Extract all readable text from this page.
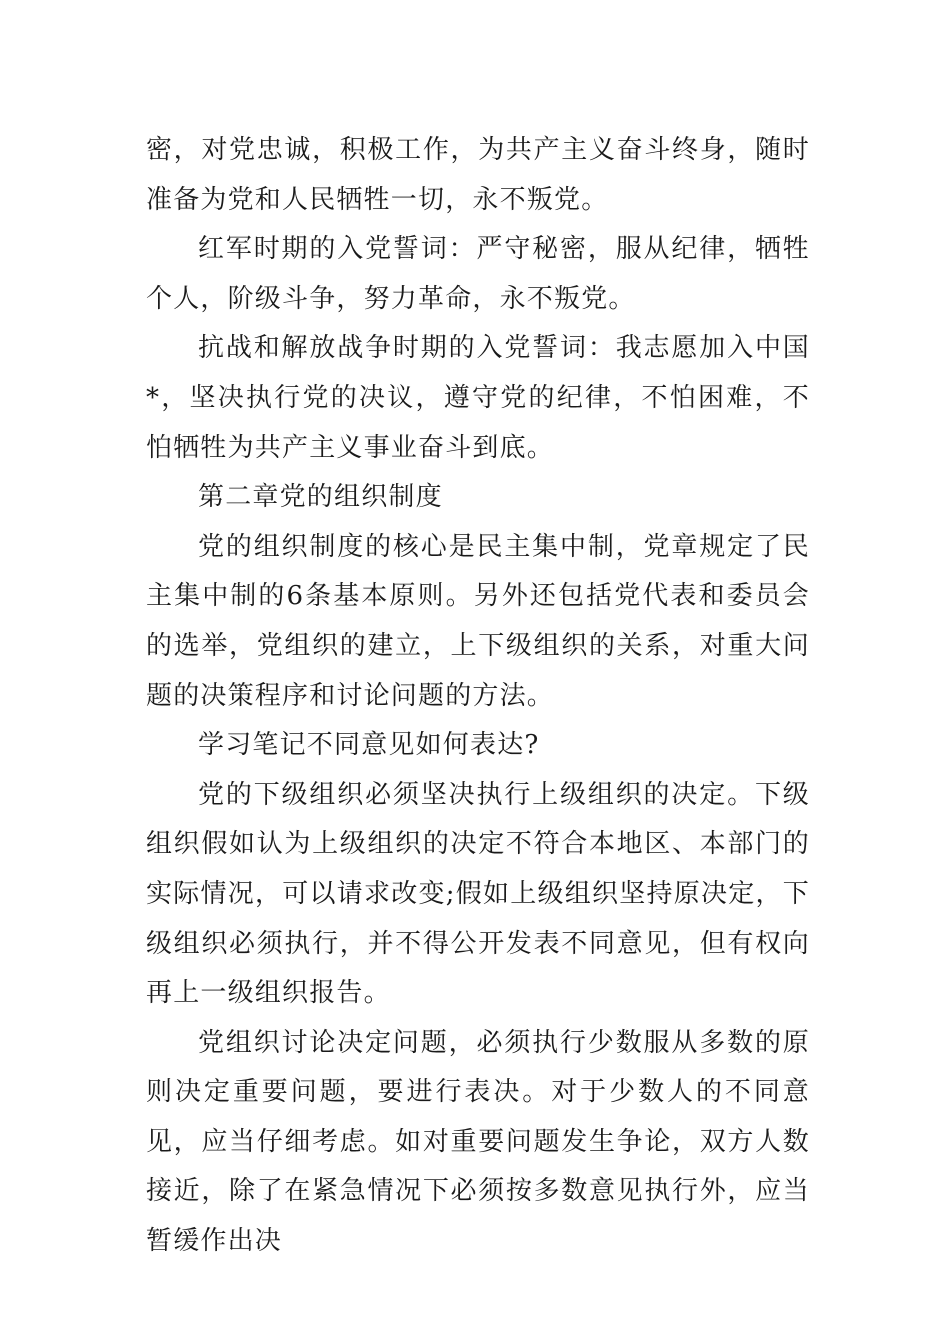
密，对党忠诚，积极工作，为共产主义奋斗终身，随时准备为党和人民牺牲一切，永不叛党。

红军时期的入党誓词：严守秘密，服从纪律，牺牲个人，阶级斗争，努力革命，永不叛党。

抗战和解放战争时期的入党誓词：我志愿加入中国*，坚决执行党的决议，遵守党的纪律，不怕困难，不怕牺牲为共产主义事业奋斗到底。

第二章党的组织制度

党的组织制度的核心是民主集中制，党章规定了民主集中制的6条基本原则。另外还包括党代表和委员会的选举，党组织的建立，上下级组织的关系，对重大问题的决策程序和讨论问题的方法。

学习笔记不同意见如何表达?

党的下级组织必须坚决执行上级组织的决定。下级组织假如认为上级组织的决定不符合本地区、本部门的实际情况，可以请求改变;假如上级组织坚持原决定，下级组织必须执行，并不得公开发表不同意见，但有权向再上一级组织报告。

党组织讨论决定问题，必须执行少数服从多数的原则决定重要问题，要进行表决。对于少数人的不同意见，应当仔细考虑。如对重要问题发生争论，双方人数接近，除了在紧急情况下必须按多数意见执行外，应当暂缓作出决
